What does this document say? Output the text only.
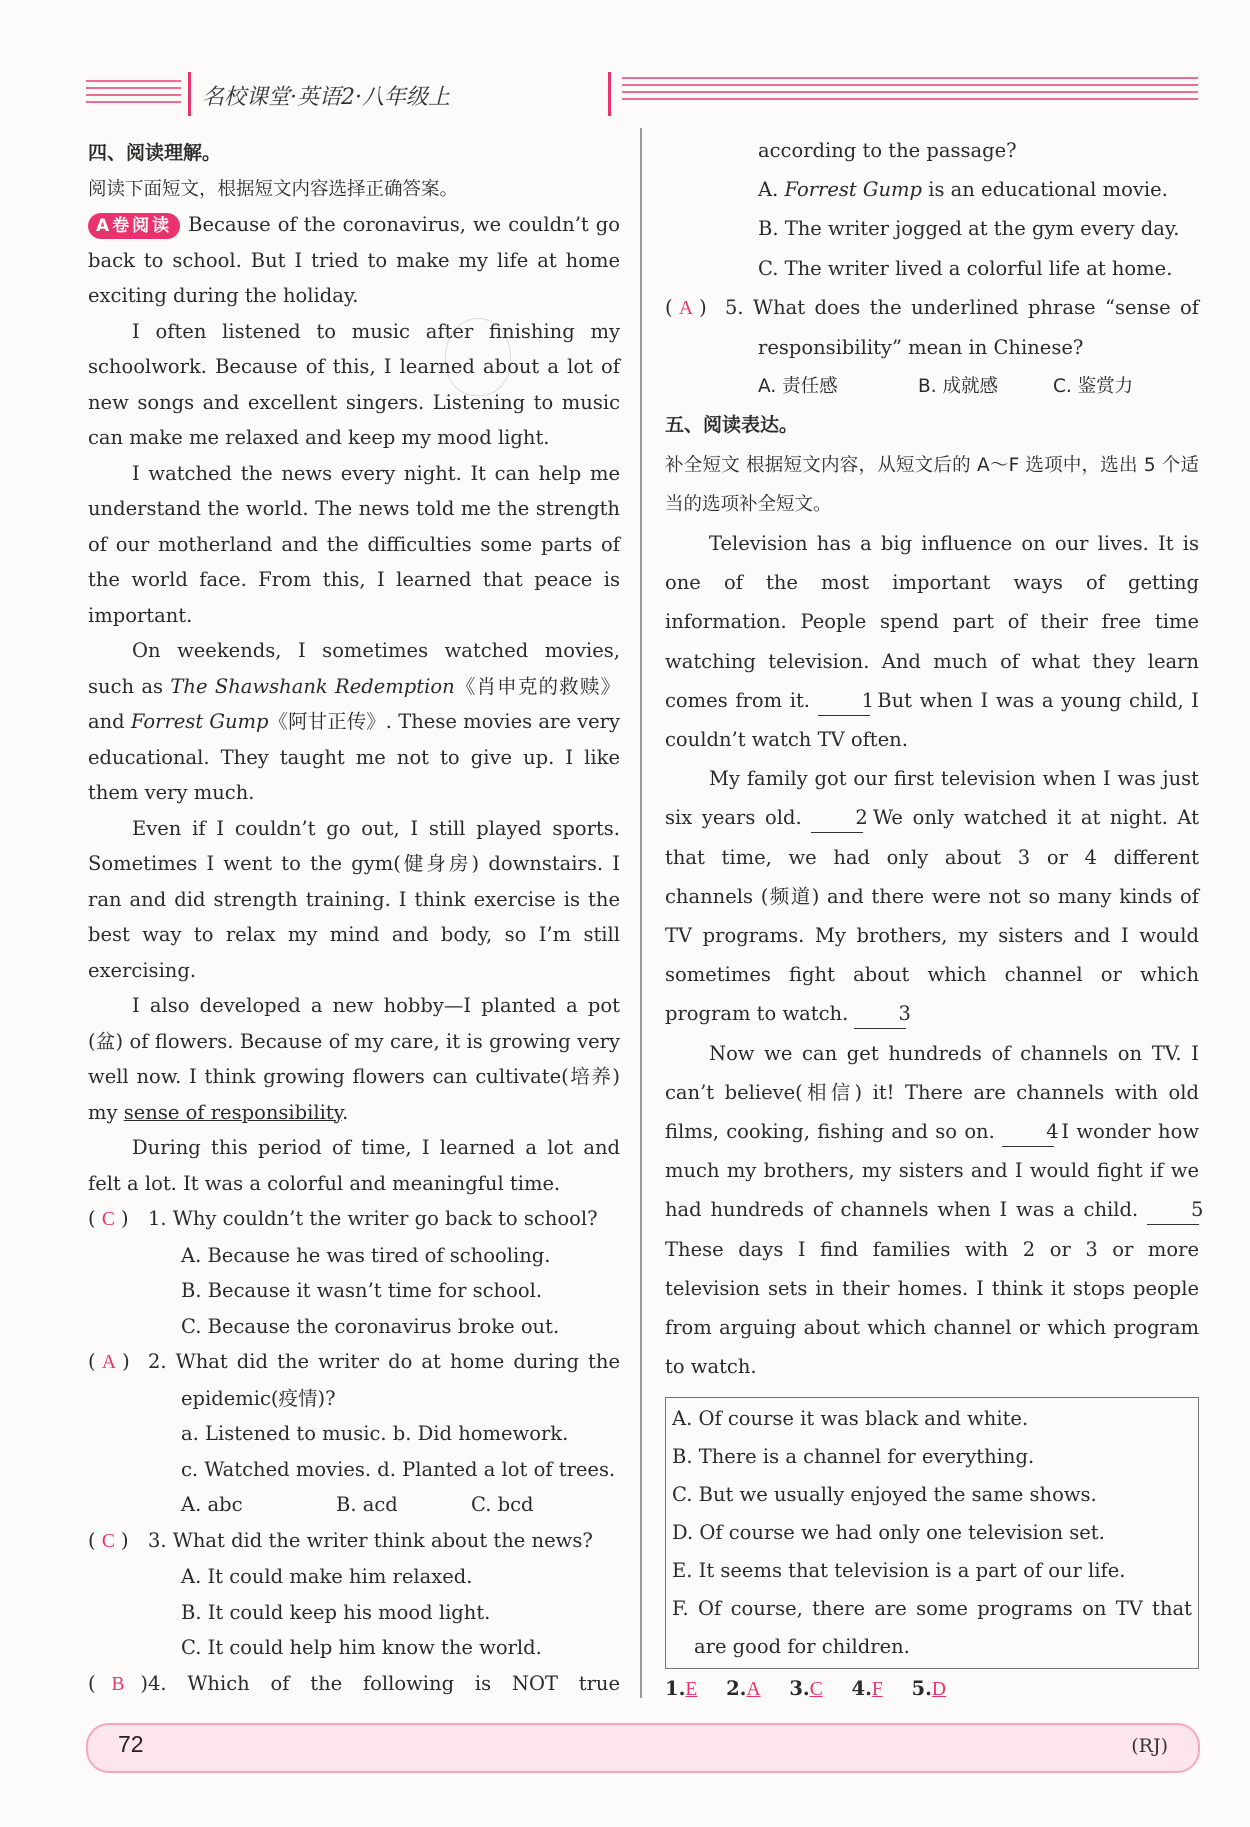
名校课堂·英语2·八年级上

四、阅读理解。

阅读下面短文，根据短文内容选择正确答案。

A卷阅读 Because of the coronavirus, we couldn’t go back to school. But I tried to make my life at home exciting during the holiday.

I often listened to music after finishing my schoolwork. Because of this, I learned about a lot of new songs and excellent singers. Listening to music can make me relaxed and keep my mood light.

I watched the news every night. It can help me understand the world. The news told me the strength of our motherland and the difficulties some parts of the world face. From this, I learned that peace is important.

On weekends, I sometimes watched movies, such as The Shawshank Redemption《肖申克的救赎》 and Forrest Gump《阿甘正传》. These movies are very educational. They taught me not to give up. I like them very much.

Even if I couldn’t go out, I still played sports. Sometimes I went to the gym(健身房) downstairs. I ran and did strength training. I think exercise is the best way to relax my mind and body, so I’m still exercising.

I also developed a new hobby—I planted a pot (盆) of flowers. Because of my care, it is growing very well now. I think growing flowers can cultivate(培养) my sense of responsibility.

During this period of time, I learned a lot and felt a lot. It was a colorful and meaningful time.

( C ) 1. Why couldn’t the writer go back to school?

A. Because he was tired of schooling.

B. Because it wasn’t time for school.

C. Because the coronavirus broke out.

( A ) 2. What did the writer do at home during the epidemic(疫情)?

a. Listened to music. b. Did homework.

c. Watched movies. d. Planted a lot of trees.

A. abc	B. acd	C. bcd

( C ) 3. What did the writer think about the news?

A. It could make him relaxed.

B. It could keep his mood light.

C. It could help him know the world.

( B )4. Which of the following is NOT true

according to the passage?

A. Forrest Gump is an educational movie.

B. The writer jogged at the gym every day.

C. The writer lived a colorful life at home.

( A ) 5. What does the underlined phrase “sense of responsibility” mean in Chinese?

A. 责任感	B. 成就感	C. 鉴赏力

五、阅读表达。

补全短文 根据短文内容，从短文后的 A～F 选项中，选出 5 个适当的选项补全短文。

Television has a big influence on our lives. It is one of the most important ways of getting information. People spend part of their free time watching television. And much of what they learn comes from it.	1 But when I was a young child, I couldn’t watch TV often.

My family got our first television when I was just six years old.	2 We only watched it at night. At that time, we had only about 3 or 4 different channels (频道) and there were not so many kinds of TV programs. My brothers, my sisters and I would sometimes fight about which channel or which program to watch.	3

Now we can get hundreds of channels on TV. I can’t believe(相信) it! There are channels with old films, cooking, fishing and so on.	4 I wonder how much my brothers, my sisters and I would fight if we had hundreds of channels when I was a child.	5 These days I find families with 2 or 3 or more television sets in their homes. I think it stops people from arguing about which channel or which program to watch.

A. Of course it was black and white.

B. There is a channel for everything.

C. But we usually enjoyed the same shows.

D. Of course we had only one television set.

E. It seems that television is a part of our life.

F. Of course, there are some programs on TV that are good for children.

1.E 2.A 3.C 4.F 5.D

72	(RJ)
